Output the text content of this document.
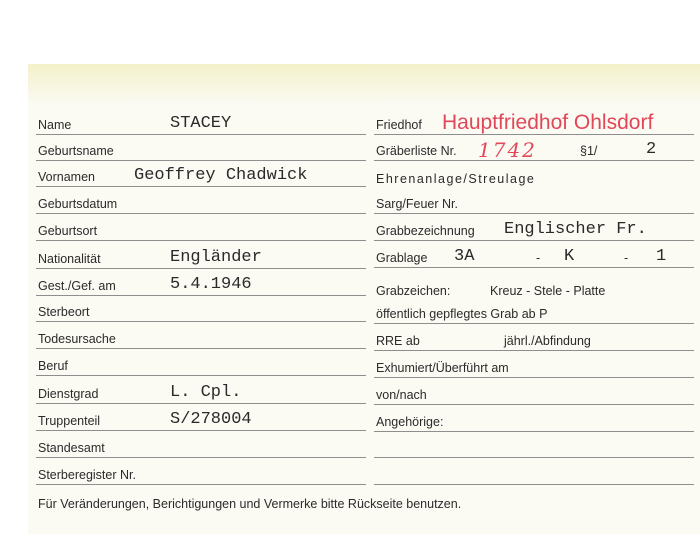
Name	STACEY
Geburtsname
Vornamen Geoffrey Chadwick
Geburtsdatum
Geburtsort
Nationalität	Engländer
Gest./Gef. am	5.4.1946
Sterbeort
Todesursache
Beruf
Dienstgrad	L. Cpl.
Truppenteil	S/278004
Standesamt
Sterberegister Nr.
Friedhof Hauptfriedhof Ohlsdorf
Gräberliste Nr. 1742	§1/	2
Ehrenanlage/Streulage
Sarg/Feuer Nr.
Grabbezeichnung Englischer Fr.
Grablage 3A	- K	- 1
Grabzeichen:	Kreuz - Stele - Platte
öffentlich gepflegtes Grab ab P
RRE ab	jährl./Abfindung
Exhumiert/Überführt am
von/nach
Angehörige:
Für Veränderungen, Berichtigungen und Vermerke bitte Rückseite benutzen.
